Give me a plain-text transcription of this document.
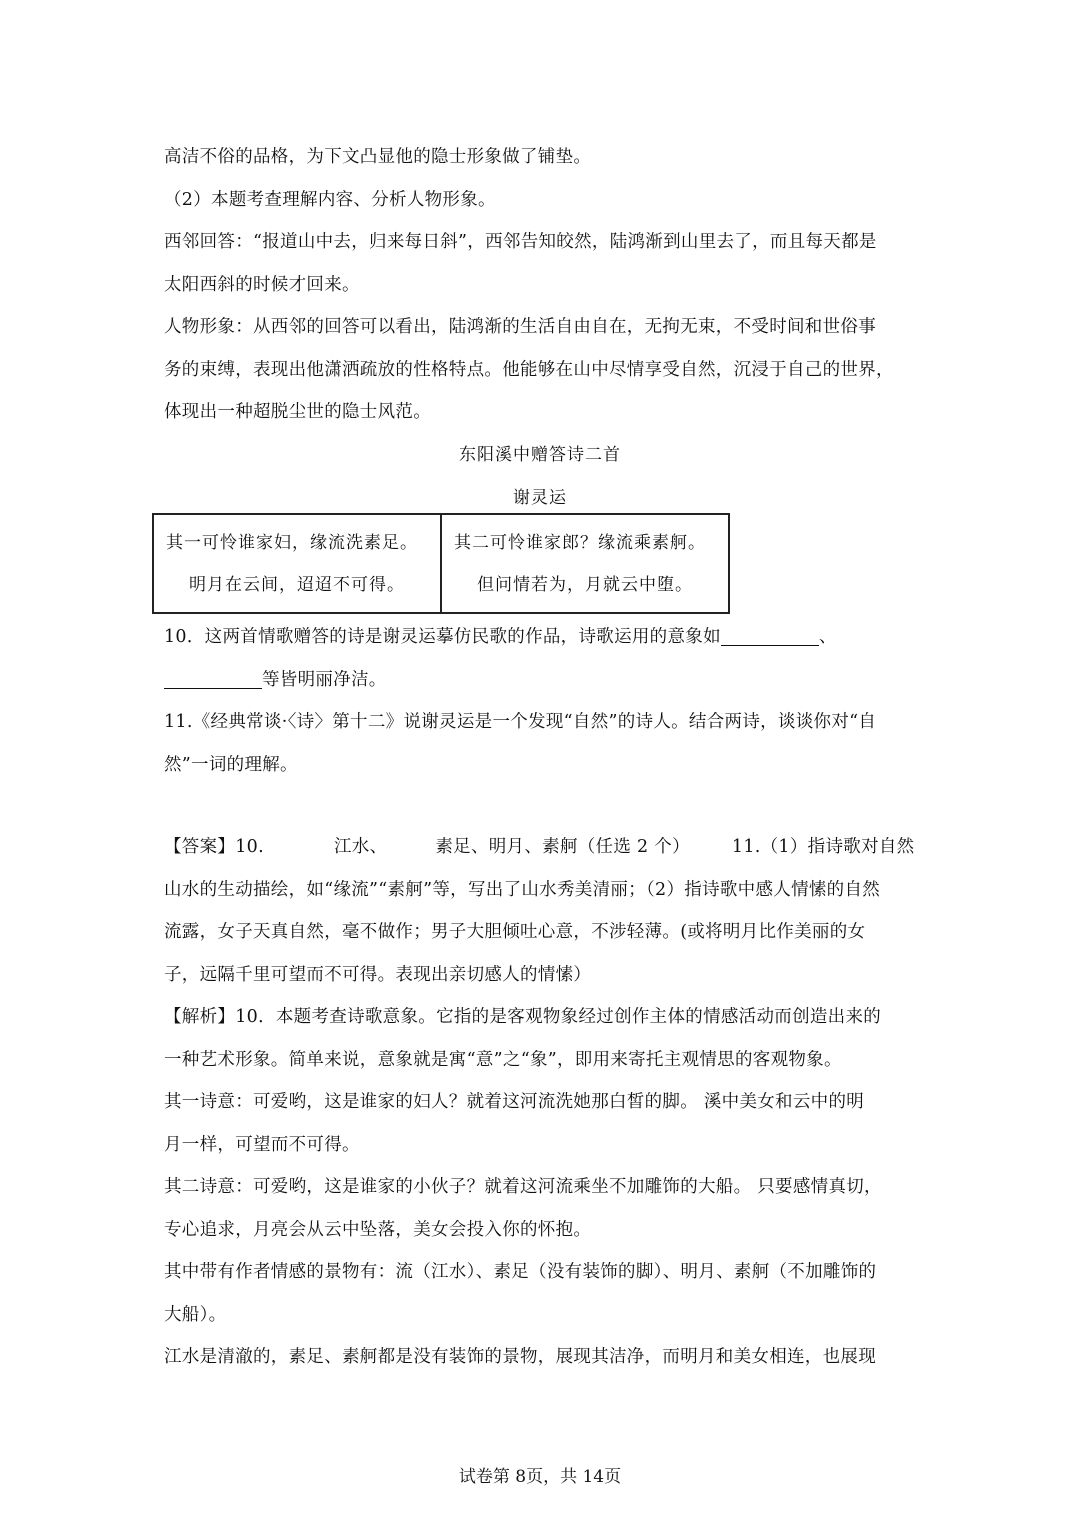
高洁不俗的品格，为下文凸显他的隐士形象做了铺垫。

（2）本题考查理解内容、分析人物形象。

西邻回答：“报道山中去，归来每日斜”，西邻告知皎然，陆鸿渐到山里去了，而且每天都是

太阳西斜的时候才回来。

人物形象：从西邻的回答可以看出，陆鸿渐的生活自由自在，无拘无束，不受时间和世俗事

务的束缚，表现出他潇洒疏放的性格特点。他能够在山中尽情享受自然，沉浸于自己的世界，

体现出一种超脱尘世的隐士风范。

东阳溪中赠答诗二首

谢灵运

其一可怜谁家妇，缘流洗素足。
明月在云间，迢迢不可得。

其二可怜谁家郎？缘流乘素舸。
但问情若为，月就云中堕。

10．这两首情歌赠答的诗是谢灵运摹仿民歌的作品，诗歌运用的意象如	、

等皆明丽净洁。

11.《经典常谈·〈诗〉第十二》说谢灵运是一个发现“自然”的诗人。结合两诗，谈谈你对“自

然”一词的理解。

【答案】10.	江水、	素足、明月、素舸（任选 2 个） 11.（1）指诗歌对自然

山水的生动描绘，如“缘流”“素舸”等，写出了山水秀美清丽；（2）指诗歌中感人情愫的自然

流露，女子天真自然，毫不做作；男子大胆倾吐心意，不涉轻薄。(或将明月比作美丽的女

子，远隔千里可望而不可得。表现出亲切感人的情愫）

【解析】10．本题考查诗歌意象。它指的是客观物象经过创作主体的情感活动而创造出来的

一种艺术形象。简单来说，意象就是寓“意”之“象”，即用来寄托主观情思的客观物象。

其一诗意：可爱哟，这是谁家的妇人？就着这河流洗她那白皙的脚。 溪中美女和云中的明

月一样，可望而不可得。

其二诗意：可爱哟，这是谁家的小伙子？就着这河流乘坐不加雕饰的大船。 只要感情真切，

专心追求，月亮会从云中坠落，美女会投入你的怀抱。

其中带有作者情感的景物有：流（江水）、素足（没有装饰的脚）、明月、素舸（不加雕饰的

大船）。

江水是清澈的，素足、素舸都是没有装饰的景物，展现其洁净，而明月和美女相连，也展现

试卷第 8页，共 14页
